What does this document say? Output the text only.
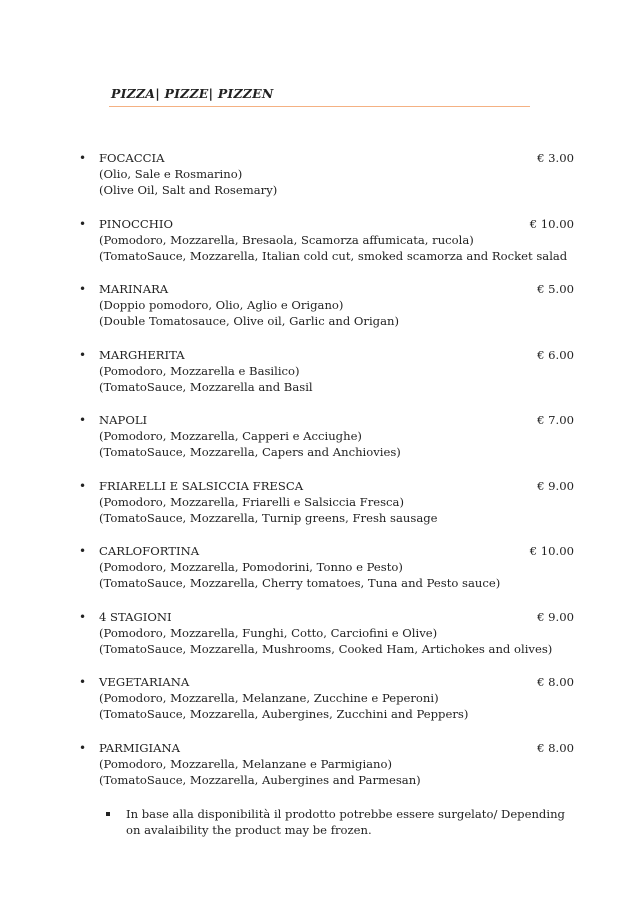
PIZZA| PIZZE| PIZZEN
• FOCACCIA
(Olio, Sale e Rosmarino)
(Olive Oil, Salt and Rosemary)
€ 3.00
• PINOCCHIO
(Pomodoro, Mozzarella, Bresaola, Scamorza affumicata, rucola)
(TomatoSauce, Mozzarella, Italian cold cut, smoked scamorza and Rocket salad
€ 10.00
• MARINARA
(Doppio pomodoro, Olio, Aglio e Origano)
(Double Tomatosauce, Olive oil, Garlic and Origan)
€ 5.00
• MARGHERITA
(Pomodoro, Mozzarella e Basilico)
(TomatoSauce, Mozzarella and Basil
€ 6.00
• NAPOLI
(Pomodoro, Mozzarella, Capperi e Acciughe)
(TomatoSauce, Mozzarella, Capers and Anchiovies)
€ 7.00
• FRIARELLI E SALSICCIA FRESCA
(Pomodoro, Mozzarella, Friarelli e Salsiccia Fresca)
(TomatoSauce, Mozzarella, Turnip greens, Fresh sausage
€ 9.00
• CARLOFORTINA
(Pomodoro, Mozzarella, Pomodorini, Tonno e Pesto)
(TomatoSauce, Mozzarella, Cherry tomatoes, Tuna and Pesto sauce)
€ 10.00
• 4 STAGIONI
(Pomodoro, Mozzarella, Funghi, Cotto, Carciofini e Olive)
(TomatoSauce, Mozzarella, Mushrooms, Cooked Ham, Artichokes and olives)
€ 9.00
• VEGETARIANA
(Pomodoro, Mozzarella, Melanzane, Zucchine e Peperoni)
(TomatoSauce, Mozzarella, Aubergines, Zucchini and Peppers)
€ 8.00
• PARMIGIANA
(Pomodoro, Mozzarella, Melanzane e Parmigiano)
(TomatoSauce, Mozzarella, Aubergines and Parmesan)
€ 8.00
In base alla disponibilità il prodotto potrebbe essere surgelato/ Depending on avalaibility the product may be frozen.
